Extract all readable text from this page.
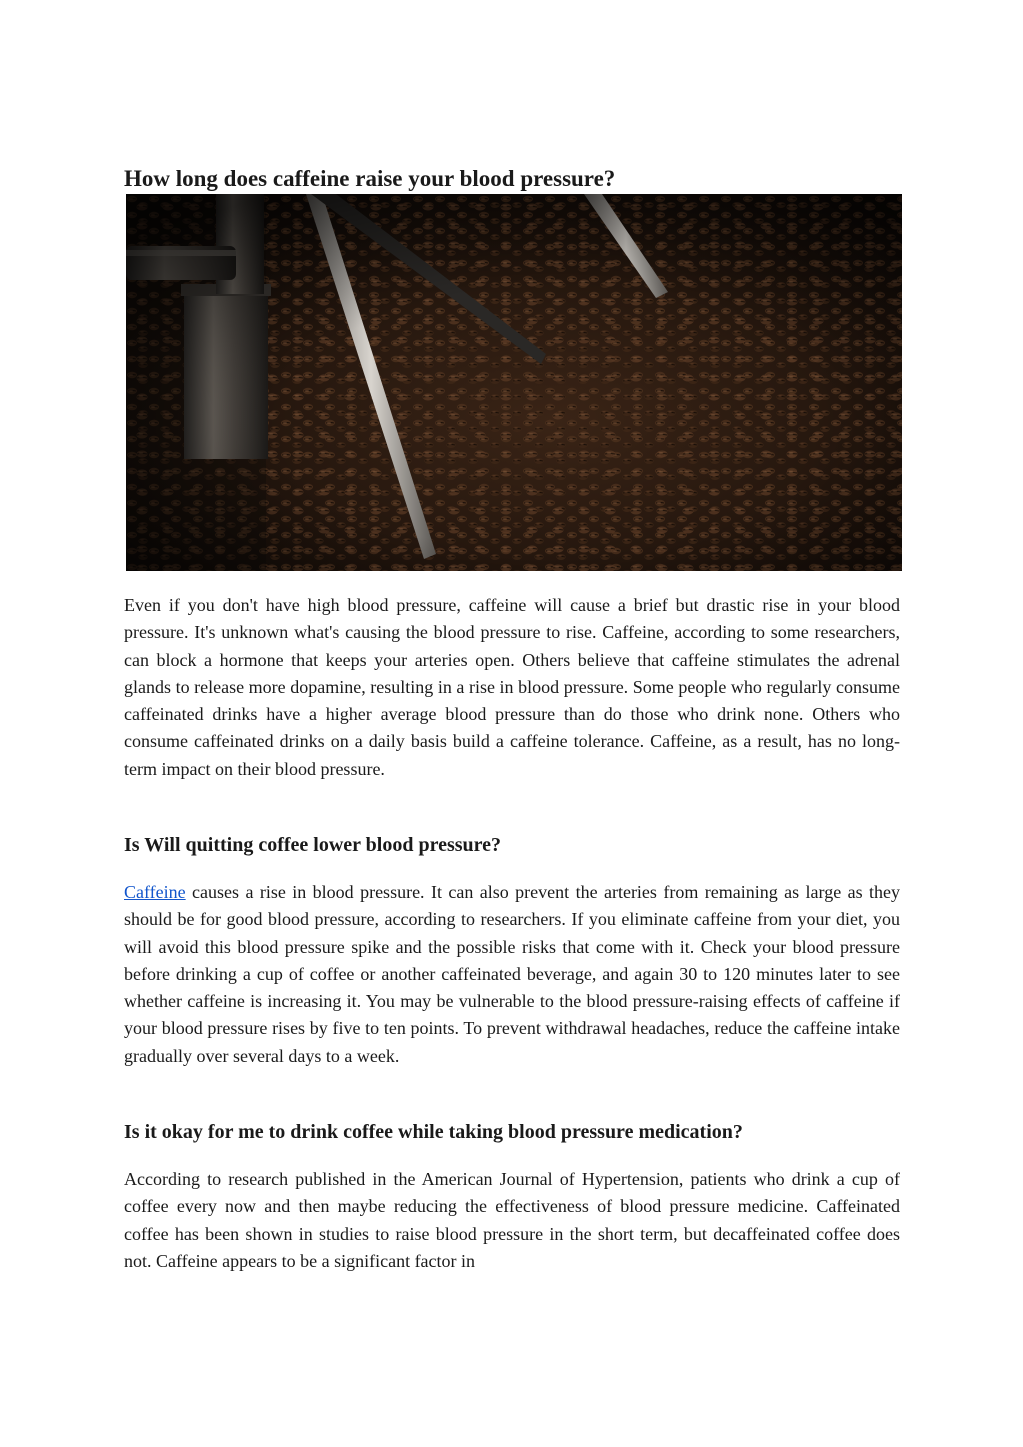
How long does caffeine raise your blood pressure?

Even if you don't have high blood pressure, caffeine will cause a brief but drastic rise in your blood pressure. It's unknown what's causing the blood pressure to rise. Caffeine, according to some researchers, can block a hormone that keeps your arteries open. Others believe that caffeine stimulates the adrenal glands to release more dopamine, resulting in a rise in blood pressure. Some people who regularly consume caffeinated drinks have a higher average blood pressure than do those who drink none. Others who consume caffeinated drinks on a daily basis build a caffeine tolerance. Caffeine, as a result, has no long-term impact on their blood pressure.

Is Will quitting coffee lower blood pressure?

Caffeine causes a rise in blood pressure. It can also prevent the arteries from remaining as large as they should be for good blood pressure, according to researchers. If you eliminate caffeine from your diet, you will avoid this blood pressure spike and the possible risks that come with it. Check your blood pressure before drinking a cup of coffee or another caffeinated beverage, and again 30 to 120 minutes later to see whether caffeine is increasing it. You may be vulnerable to the blood pressure-raising effects of caffeine if your blood pressure rises by five to ten points. To prevent withdrawal headaches, reduce the caffeine intake gradually over several days to a week.

Is it okay for me to drink coffee while taking blood pressure medication?

According to research published in the American Journal of Hypertension, patients who drink a cup of coffee every now and then maybe reducing the effectiveness of blood pressure medicine. Caffeinated coffee has been shown in studies to raise blood pressure in the short term, but decaffeinated coffee does not. Caffeine appears to be a significant factor in
